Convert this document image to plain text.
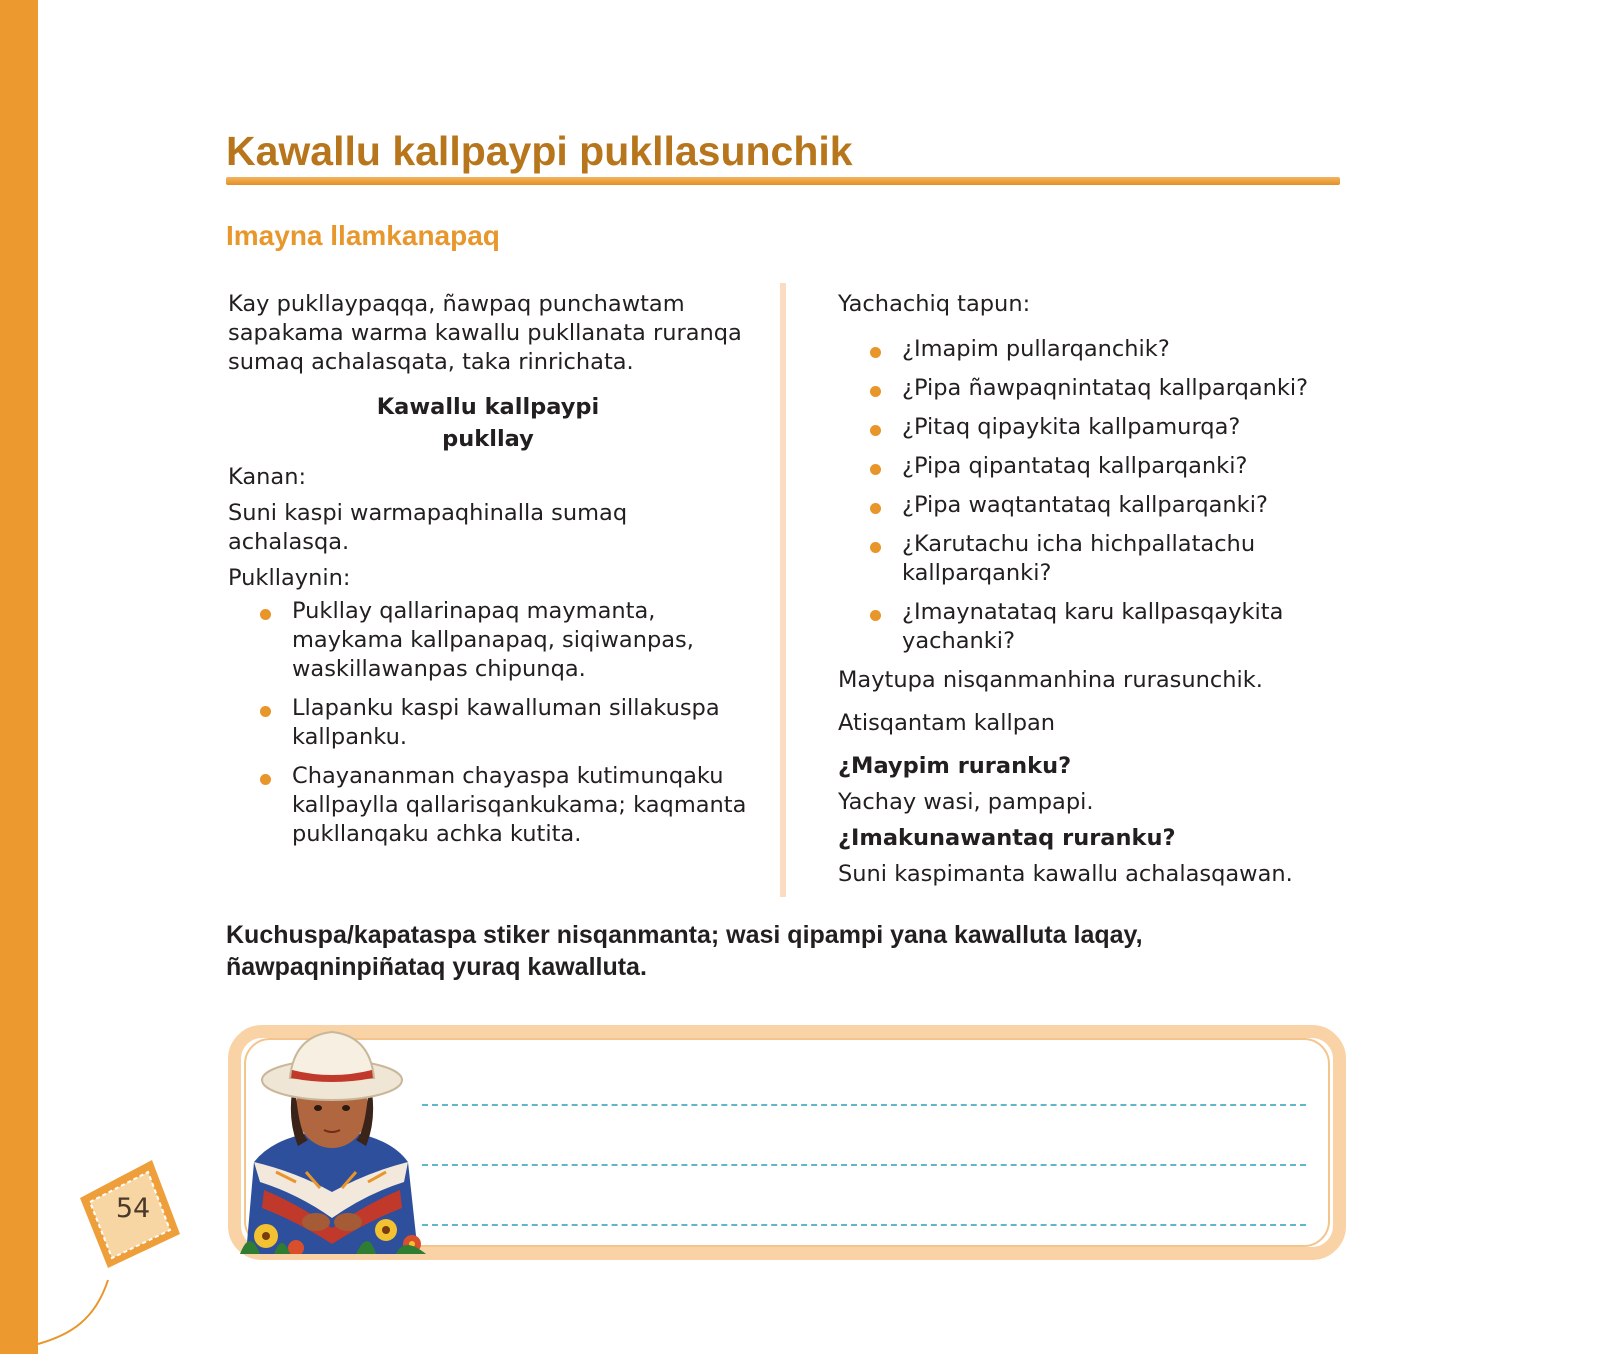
54
Kawallu kallpaypi pukllasunchik
Imayna llamkanapaq

Kay pukllaypaqqa, ñawpaq punchawtam sapakama warma kawallu pukllanata ruranqa sumaq achalasqata, taka rinrichata.

Kawallu kallpaypi
pukllay

Kanan:

Suni kaspi warmapaqhinalla sumaq achalasqa.

Pukllaynin:

Pukllay qallarinapaq maymanta, maykama kallpanapaq, siqiwanpas, waskillawanpas chipunqa.
Llapanku kaspi kawalluman sillakuspa kallpanku.
Chayananman chayaspa kutimunqaku kallpaylla qallarisqankukama; kaqmanta pukllanqaku achka kutita.

Yachachiq tapun:

¿Imapim pullarqanchik?
¿Pipa ñawpaqnintataq kallparqanki?
¿Pitaq qipaykita kallpamurqa?
¿Pipa qipantataq kallparqanki?
¿Pipa waqtantataq kallparqanki?
¿Karutachu icha hichpallatachu kallparqanki?
¿Imaynatataq karu kallpasqaykita yachanki?

Maytupa nisqanmanhina rurasunchik.

Atisqantam kallpan

¿Maypim ruranku?

Yachay wasi, pampapi.

¿Imakunawantaq ruranku?

Suni kaspimanta kawallu achalasqawan.

Kuchuspa/kapataspa stiker nisqanmanta; wasi qipampi yana kawalluta laqay, ñawpaqninpiñataq yuraq kawalluta.
